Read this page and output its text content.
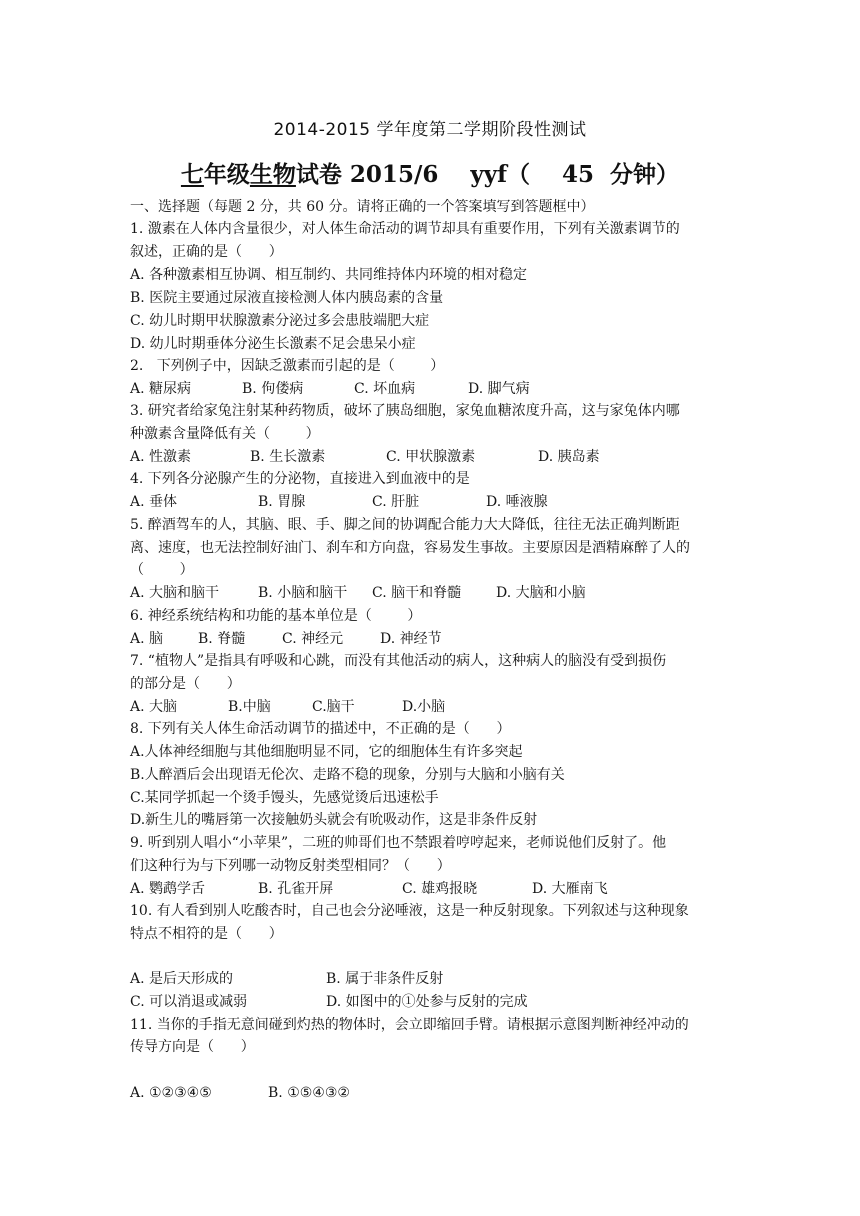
2014-2015 学年度第二学期阶段性测试
七年级生物试卷 2015/6    yyf（    45  分钟）
一、选择题（每题 2 分，共 60 分。请将正确的一个答案填写到答题框中）
1. 激素在人体内含量很少，对人体生命活动的调节却具有重要作用，下列有关激素调节的
叙述，正确的是（      ）
A. 各种激素相互协调、相互制约、共同维持体内环境的相对稳定
B. 医院主要通过尿液直接检测人体内胰岛素的含量
C. 幼儿时期甲状腺激素分泌过多会患肢端肥大症
D. 幼儿时期垂体分泌生长激素不足会患呆小症
2.   下列例子中，因缺乏激素而引起的是（        ）
A. 糖尿病	B. 佝偻病	C. 坏血病	D. 脚气病
3. 研究者给家兔注射某种药物质，破坏了胰岛细胞，家兔血糖浓度升高，这与家兔体内哪
种激素含量降低有关（        ）
A. 性激素	B. 生长激素	C. 甲状腺激素	D. 胰岛素
4. 下列各分泌腺产生的分泌物，直接进入到血液中的是
A. 垂体	B. 胃腺	C. 肝脏	D. 唾液腺
5. 醉酒驾车的人，其脑、眼、手、脚之间的协调配合能力大大降低，往往无法正确判断距
离、速度，也无法控制好油门、刹车和方向盘，容易发生事故。主要原因是酒精麻醉了人的
（        ）
A. 大脑和脑干	B. 小脑和脑干	C. 脑干和脊髓	D. 大脑和小脑
6. 神经系统结构和功能的基本单位是（        ）
A. 脑	B. 脊髓	C. 神经元	D. 神经节
7. “植物人”是指具有呼吸和心跳，而没有其他活动的病人，这种病人的脑没有受到损伤
的部分是（      ）
A. 大脑	B.中脑	C.脑干	D.小脑
8. 下列有关人体生命活动调节的描述中，不正确的是（      ）
A.人体神经细胞与其他细胞明显不同，它的细胞体生有许多突起
B.人醉酒后会出现语无伦次、走路不稳的现象，分别与大脑和小脑有关
C.某同学抓起一个烫手馒头，先感觉烫后迅速松手
D.新生儿的嘴唇第一次接触奶头就会有吮吸动作，这是非条件反射
9. 听到别人唱小“小苹果”，二班的帅哥们也不禁跟着哼哼起来，老师说他们反射了。他
们这种行为与下列哪一动物反射类型相同？（      ）
A. 鹦鹉学舌	B. 孔雀开屏	C. 雄鸡报晓	D. 大雁南飞
10. 有人看到别人吃酸杏时，自己也会分泌唾液，这是一种反射现象。下列叙述与这种现象
特点不相符的是（      ）
A. 是后天形成的	B. 属于非条件反射
C. 可以消退或减弱	D. 如图中的①处参与反射的完成
11. 当你的手指无意间碰到灼热的物体时，会立即缩回手臂。请根据示意图判断神经冲动的
传导方向是（      ）
A. ①②③④⑤	B. ①⑤④③②
